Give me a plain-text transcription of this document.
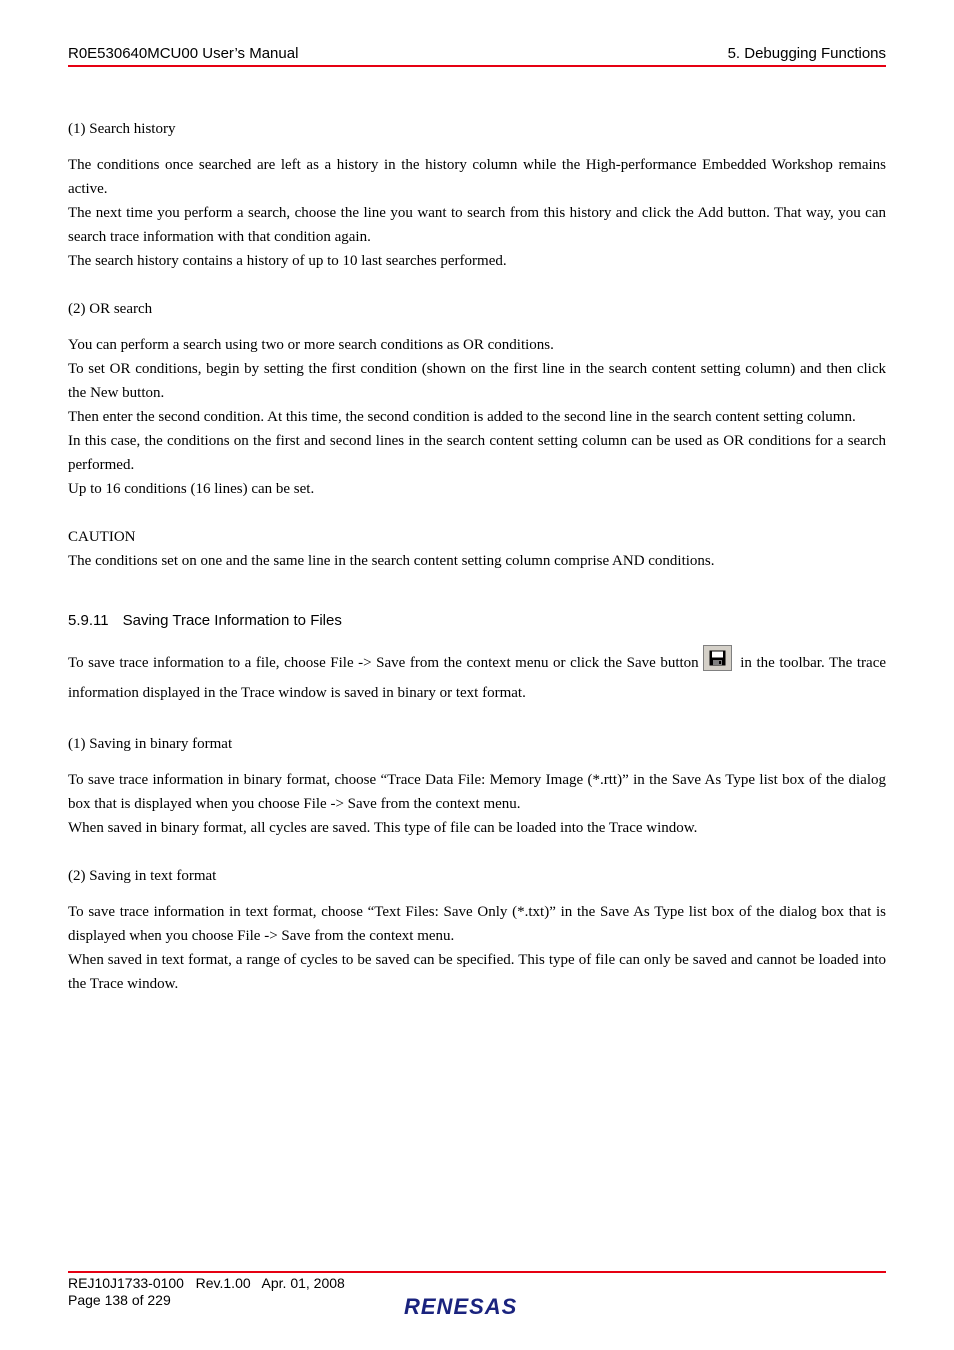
R0E530640MCU00 User’s Manual	5. Debugging Functions

(1) Search history

The conditions once searched are left as a history in the history column while the High-performance Embedded Workshop remains active.

The next time you perform a search, choose the line you want to search from this history and click the Add button. That way, you can search trace information with that condition again.

The search history contains a history of up to 10 last searches performed.

(2) OR search

You can perform a search using two or more search conditions as OR conditions.

To set OR conditions, begin by setting the first condition (shown on the first line in the search content setting column) and then click the New button.

Then enter the second condition. At this time, the second condition is added to the second line in the search content setting column.

In this case, the conditions on the first and second lines in the search content setting column can be used as OR conditions for a search performed.

Up to 16 conditions (16 lines) can be set.

CAUTION

The conditions set on one and the same line in the search content setting column comprise AND conditions.

5.9.11 Saving Trace Information to Files

To save trace information to a file, choose File -> Save from the context menu or click the Save button
in the toolbar. The trace information displayed in the Trace window is saved in binary or text format.

(1) Saving in binary format

To save trace information in binary format, choose “Trace Data File: Memory Image (*.rtt)” in the Save As Type list box of the dialog box that is displayed when you choose File -> Save from the context menu.

When saved in binary format, all cycles are saved. This type of file can be loaded into the Trace window.

(2) Saving in text format

To save trace information in text format, choose “Text Files: Save Only (*.txt)” in the Save As Type list box of the dialog box that is displayed when you choose File -> Save from the context menu.

When saved in text format, a range of cycles to be saved can be specified. This type of file can only be saved and cannot be loaded into the Trace window.

REJ10J1733-0100   Rev.1.00   Apr. 01, 2008
Page 138 of 229	RENESAS
